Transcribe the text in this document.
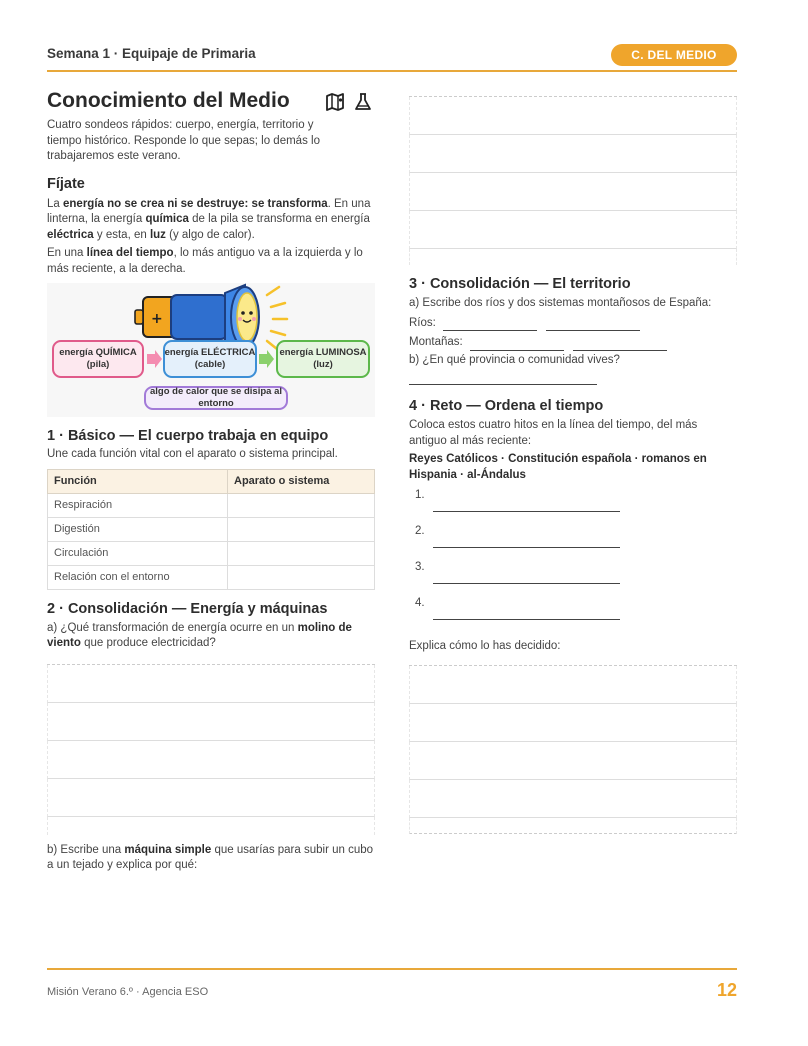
Semana 1 · Equipaje de Primaria	C. DEL MEDIO
Conocimiento del Medio

Cuatro sondeos rápidos: cuerpo, energía, territorio y tiempo histórico. Responde lo que sepas; lo demás lo trabajaremos este verano.

Fíjate

La energía no se crea ni se destruye: se transforma. En una linterna, la energía química de la pila se transforma en energía eléctrica y esta, en luz (y algo de calor).

En una línea del tiempo, lo más antiguo va a la izquierda y lo más reciente, a la derecha.

+
energía QUÍMICA
(pila)
energía ELÉCTRICA
(cable)
energía LUMINOSA
(luz)
algo de calor que se disipa al entorno
1 · Básico — El cuerpo trabaja en equipo

Une cada función vital con el aparato o sistema principal.

Función	Aparato o sistema
Respiración	
Digestión	
Circulación	
Relación con el entorno	
2 · Consolidación — Energía y máquinas

a) ¿Qué transformación de energía ocurre en un molino de viento que produce electricidad?

b) Escribe una máquina simple que usarías para subir un cubo a un tejado y explica por qué:

3 · Consolidación — El territorio

a) Escribe dos ríos y dos sistemas montañosos de España:

Ríos:

Montañas:

b) ¿En qué provincia o comunidad vives?

4 · Reto — Ordena el tiempo

Coloca estos cuatro hitos en la línea del tiempo, del más antiguo al más reciente:

Reyes Católicos · Constitución española · romanos en Hispania · al-Ándalus

1.
2.
3.
4.

Explica cómo lo has decidido:

Misión Verano 6.º · Agencia ESO	12
